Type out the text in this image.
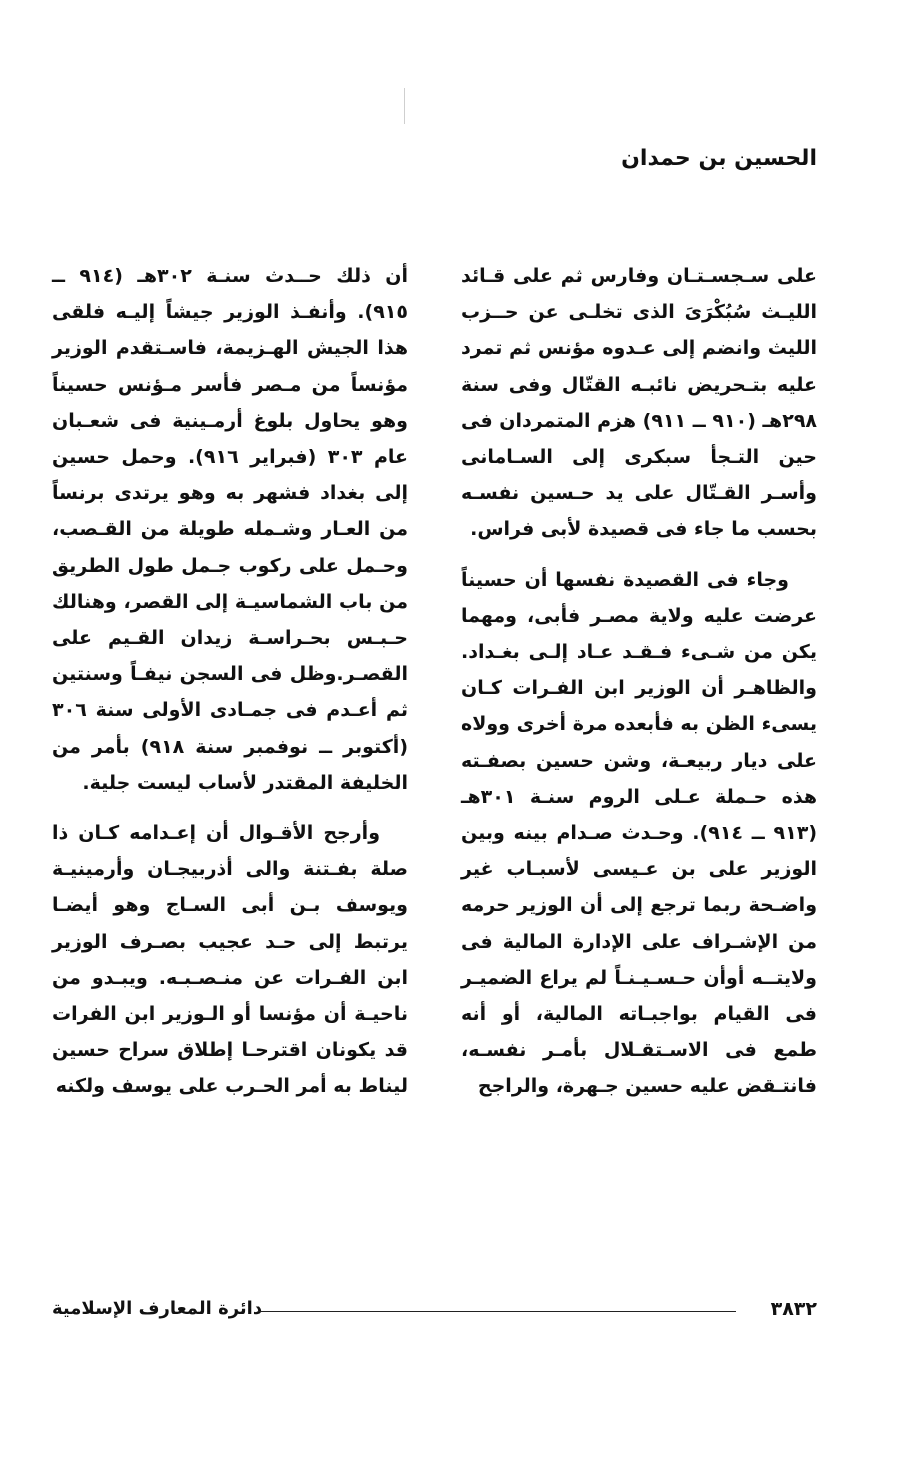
الحسين بن حمدان

على سـجسـتـان وفارس ثم على قـائد الليـث سُبُكْرَىَ الذى تخلـى عن حــزب الليث وانضم إلى عـدوه مؤنس ثم تمرد عليه بتـحريض نائبـه القتّال وفى سنة ٢٩٨هـ (٩١٠ ــ ٩١١) هزم المتمردان فى حين التـجأ سبكرى إلى السـامانى وأسـر القـتّال على يد حـسين نفسـه بحسب ما جاء فى قصيدة لأبى فراس.

وجاء فى القصيدة نفسها أن حسيناً عرضت عليه ولاية مصـر فأبى، ومهما يكن من شـىء فـقـد عـاد إلـى بغـداد. والظاهـر أن الوزير ابن الفـرات كـان يسىء الظن به فأبعده مرة أخرى وولاه على ديار ربيعـة، وشن حسين بصفـته هذه حـملة عـلى الروم سنـة ٣٠١هـ (٩١٣ ــ ٩١٤). وحـدث صـدام بينه وبين الوزير على بن عـيسى لأسبـاب غير واضـحة ربما ترجع إلى أن الوزير حرمه من الإشـراف على الإدارة المالية فى ولايتــه أوأن حـسـيـنـاً لم يراع الضميـر فى القيام بواجبـاته المالية، أو أنه طمع فى الاسـتقـلال بأمـر نفسـه، فانتـقض عليه حسين جـهرة، والراجح

أن ذلك حــدث سنـة ٣٠٢هـ (٩١٤ ــ ٩١٥). وأنفـذ الوزير جيشاً إليـه فلقى هذا الجيش الهـزيمة، فاسـتقدم الوزير مؤنساً من مـصر فأسر مـؤنس حسيناً وهو يحاول بلوغ أرمـينية فى شعـبان عام ٣٠٣ (فبراير ٩١٦). وحمل حسين إلى بغداد فشهر به وهو يرتدى برنساً من العـار وشـمله طويلة من القـصب، وحـمل على ركوب جـمل طول الطريق من باب الشماسيـة إلى القصر، وهنالك حـبـس بحـراسـة زيدان القـيم على القصـر.وظل فى السجن نيفـاً وسنتين ثم أعـدم فى جمـادى الأولى سنة ٣٠٦ (أكتوبر ــ نوفمبر سنة ٩١٨) بأمر من الخليفة المقتدر لأساب ليست جلية.

وأرجح الأقـوال أن إعـدامه كـان ذا صلة بفـتنة والى أذربيجـان وأرمينيـة ويوسف بـن أبى السـاج وهو أيضـا يرتبط إلى حـد عجيب بصـرف الوزير ابن الفـرات عن منـصـبـه. ويبـدو من ناحيـة أن مؤنسا أو الـوزير ابن الفرات قد يكونان اقترحـا إطلاق سراح حسين ليناط به أمر الحـرب على يوسف ولكنه

دائرة المعارف الإسلامية	٣٨٣٢
